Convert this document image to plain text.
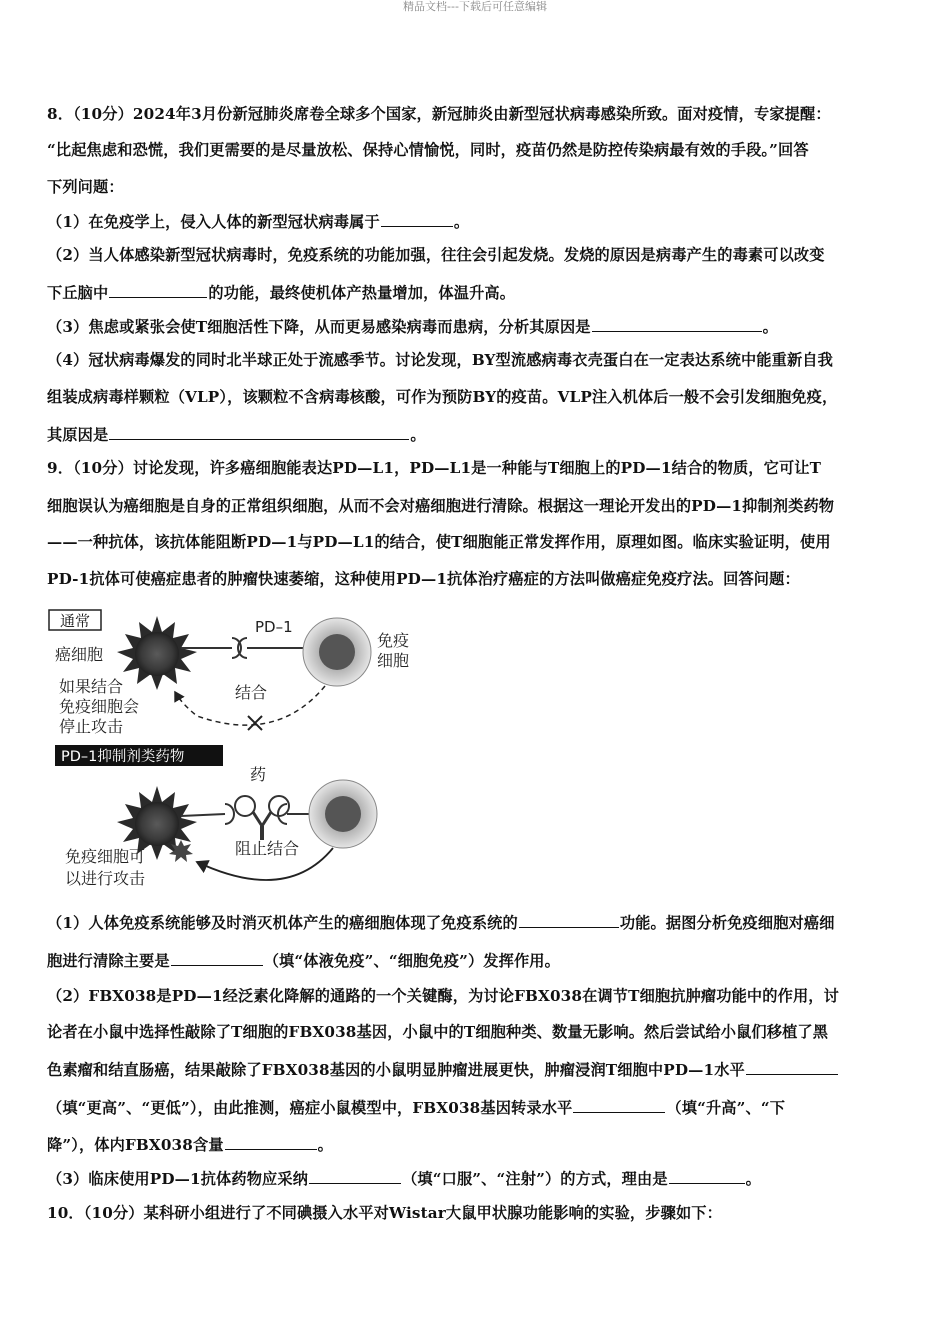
精品文档---下载后可任意编辑
8．（10分）2024年3月份新冠肺炎席卷全球多个国家，新冠肺炎由新型冠状病毒感染所致。面对疫情，专家提醒：
“比起焦虑和恐慌，我们更需要的是尽量放松、保持心情愉悦，同时，疫苗仍然是防控传染病最有效的手段。”回答
下列问题：
（1）在免疫学上，侵入人体的新型冠状病毒属于	。
（2）当人体感染新型冠状病毒时，免疫系统的功能加强，往往会引起发烧。发烧的原因是病毒产生的毒素可以改变
下丘脑中	的功能，最终使机体产热量增加，体温升高。
（3）焦虑或紧张会使T细胞活性下降，从而更易感染病毒而患病，分析其原因是	。
（4）冠状病毒爆发的同时北半球正处于流感季节。讨论发现，BY型流感病毒衣壳蛋白在一定表达系统中能重新自我
组装成病毒样颗粒（VLP），该颗粒不含病毒核酸，可作为预防BY的疫苗。VLP注入机体后一般不会引发细胞免疫，
其原因是	。
9．（10分）讨论发现，许多癌细胞能表达PD—L1，PD—L1是一种能与T细胞上的PD—1结合的物质，它可让T
细胞误认为癌细胞是自身的正常组织细胞，从而不会对癌细胞进行清除。根据这一理论开发出的PD—1抑制剂类药物
——一种抗体，该抗体能阻断PD—1与PD—L1的结合，使T细胞能正常发挥作用，原理如图。临床实验证明，使用
PD-1抗体可使癌症患者的肿瘤快速萎缩，这种使用PD—1抗体治疗癌症的方法叫做癌症免疫疗法。回答问题：
通常
癌细胞
PD–1
免疫
细胞
结合
如果结合
免疫细胞会
停止攻击
PD–1抑制剂类药物
药
阻止结合
免疫细胞可
以进行攻击
（1）人体免疫系统能够及时消灭机体产生的癌细胞体现了免疫系统的	功能。据图分析免疫细胞对癌细
胞进行清除主要是	（填“体液免疫”、“细胞免疫”）发挥作用。
（2）FBX038是PD—1经泛素化降解的通路的一个关键酶，为讨论FBX038在调节T细胞抗肿瘤功能中的作用，讨
论者在小鼠中选择性敲除了T细胞的FBX038基因，小鼠中的T细胞种类、数量无影响。然后尝试给小鼠们移植了黑
色素瘤和结直肠癌，结果敲除了FBX038基因的小鼠明显肿瘤进展更快，肿瘤浸润T细胞中PD—1水平
（填“更高”、“更低”），由此推测，癌症小鼠模型中，FBX038基因转录水平	（填“升高”、“下
降”），体内FBX038含量	。
（3）临床使用PD—1抗体药物应采纳	（填“口服”、“注射”）的方式，理由是	。
10．（10分）某科研小组进行了不同碘摄入水平对Wistar大鼠甲状腺功能影响的实验，步骤如下：
